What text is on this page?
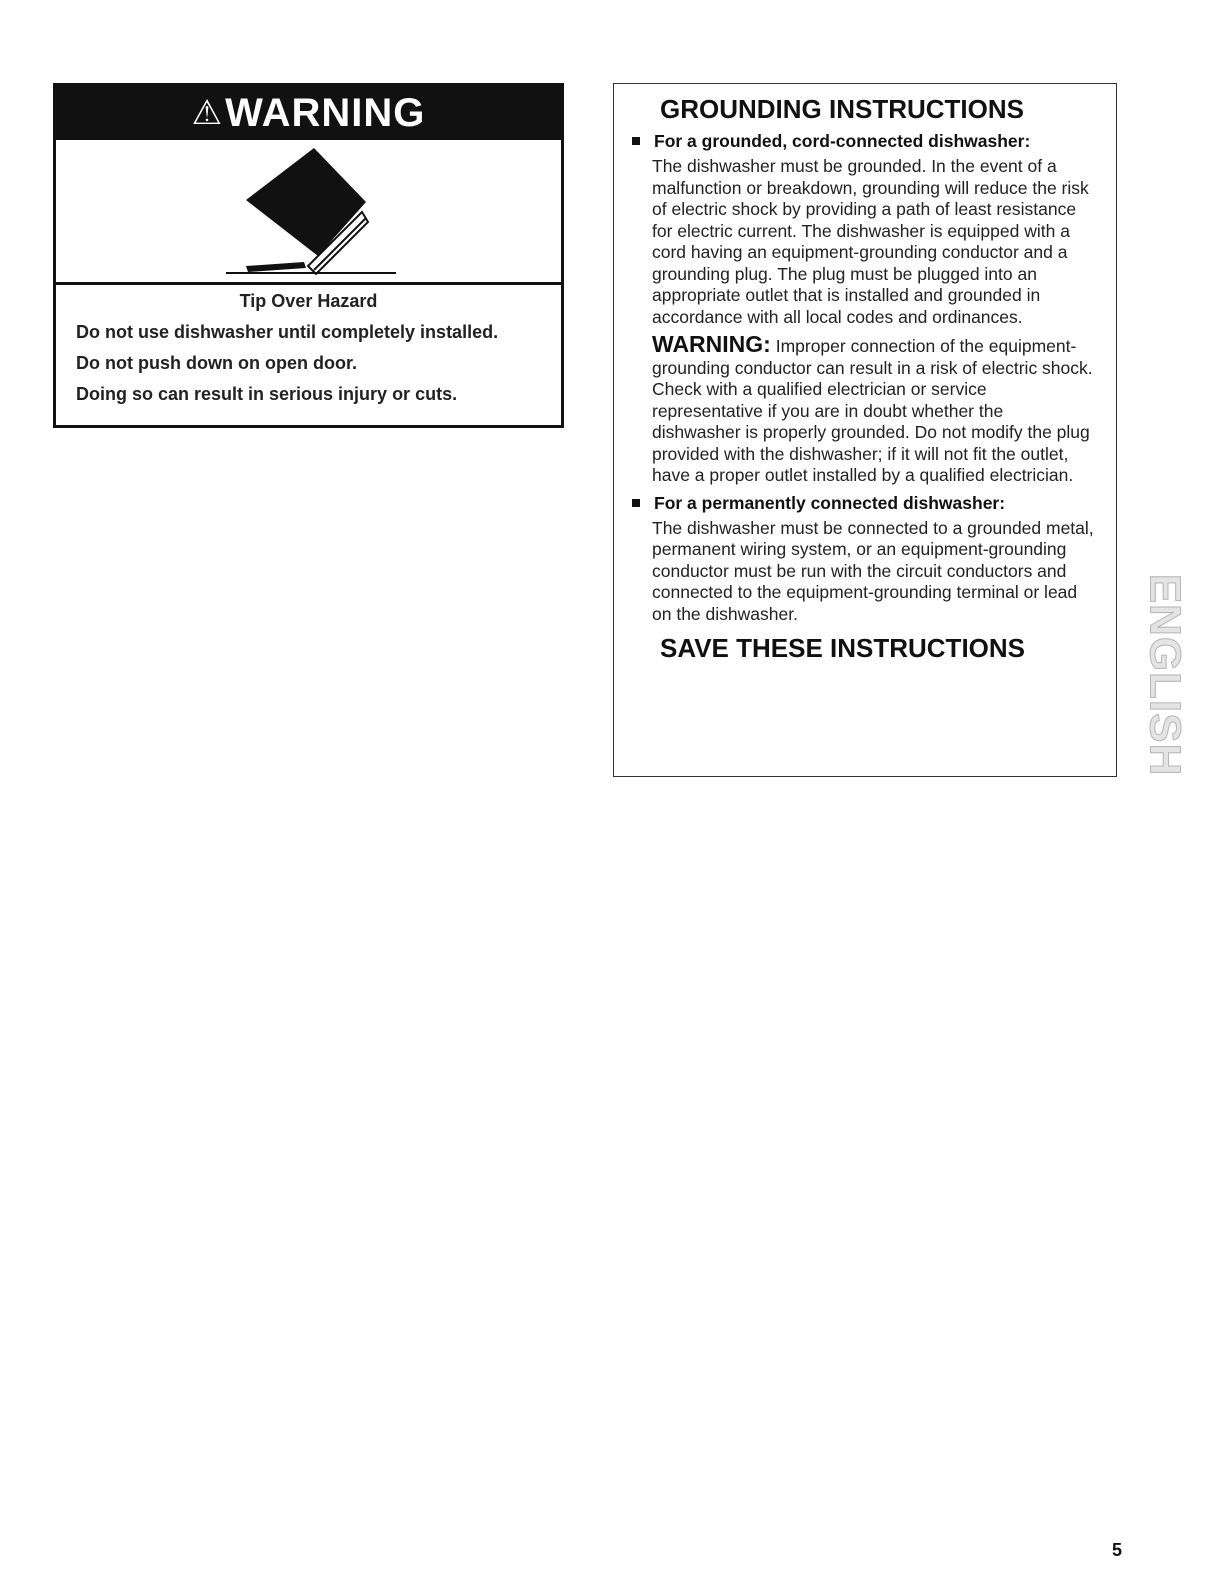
⚠ WARNING
Tip Over Hazard
Do not use dishwasher until completely installed.
Do not push down on open door.
Doing so can result in serious injury or cuts.
GROUNDING INSTRUCTIONS
For a grounded, cord-connected dishwasher:
The dishwasher must be grounded. In the event of a malfunction or breakdown, grounding will reduce the risk of electric shock by providing a path of least resistance for electric current. The dishwasher is equipped with a cord having an equipment-grounding conductor and a grounding plug. The plug must be plugged into an appropriate outlet that is installed and grounded in accordance with all local codes and ordinances.
WARNING: Improper connection of the equipment-grounding conductor can result in a risk of electric shock. Check with a qualified electrician or service representative if you are in doubt whether the dishwasher is properly grounded. Do not modify the plug provided with the dishwasher; if it will not fit the outlet, have a proper outlet installed by a qualified electrician.
For a permanently connected dishwasher:
The dishwasher must be connected to a grounded metal, permanent wiring system, or an equipment-grounding conductor must be run with the circuit conductors and connected to the equipment-grounding terminal or lead on the dishwasher.
SAVE THESE INSTRUCTIONS	ENGLISH
5
